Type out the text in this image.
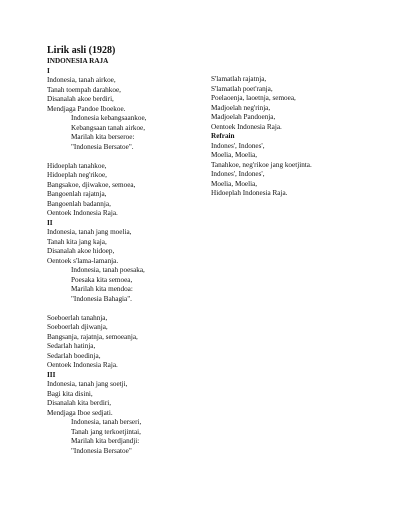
Lirik asli (1928)
INDONESIA RAJA
I
Indonesia, tanah airkoe,
Tanah toempah darahkoe,
Disanalah akoe berdiri,
Mendjaga Pandoe Iboekoe.
Indonesia kebangsaankoe,
Kebangsaan tanah airkoe,
Marilah kita berseroe:
"Indonesia Bersatoe".
Hidoeplah tanahkoe,
Hidoeplah neg'rikoe,
Bangsakoe, djiwakoe, semoea,
Bangoenlah rajatnja,
Bangoenlah badannja,
Oentoek Indonesia Raja.
II
Indonesia, tanah jang moelia,
Tanah kita jang kaja,
Disanalah akoe hidoep,
Oentoek s'lama-lamanja.
Indonesia, tanah poesaka,
Poesaka kita semoea,
Marilah kita mendoa:
"Indonesia Bahagia".
Soeboerlah tanahnja,
Soeboerlah djiwanja,
Bangsanja, rajatnja, semoeanja,
Sedarlah hatinja,
Sedarlah boedinja,
Oentoek Indonesia Raja.
III
Indonesia, tanah jang soetji,
Bagi kita disini,
Disanalah kita berdiri,
Mendjaga Iboe sedjati.
Indonesia, tanah berseri,
Tanah jang terkoetjintai,
Marilah kita berdjandji:
"Indonesia Bersatoe"
S'lamatlah rajatnja,
S'lamatlah poet'ranja,
Poelaoenja, laoetnja, semoea,
Madjoelah neg'rinja,
Madjoelah Pandoenja,
Oentoek Indonesia Raja.
Refrain
Indones', Indones',
Moelia, Moelia,
Tanahkoe, neg'rikoe jang koetjinta.
Indones', Indones',
Moelia, Moelia,
Hidoeplah Indonesia Raja.
